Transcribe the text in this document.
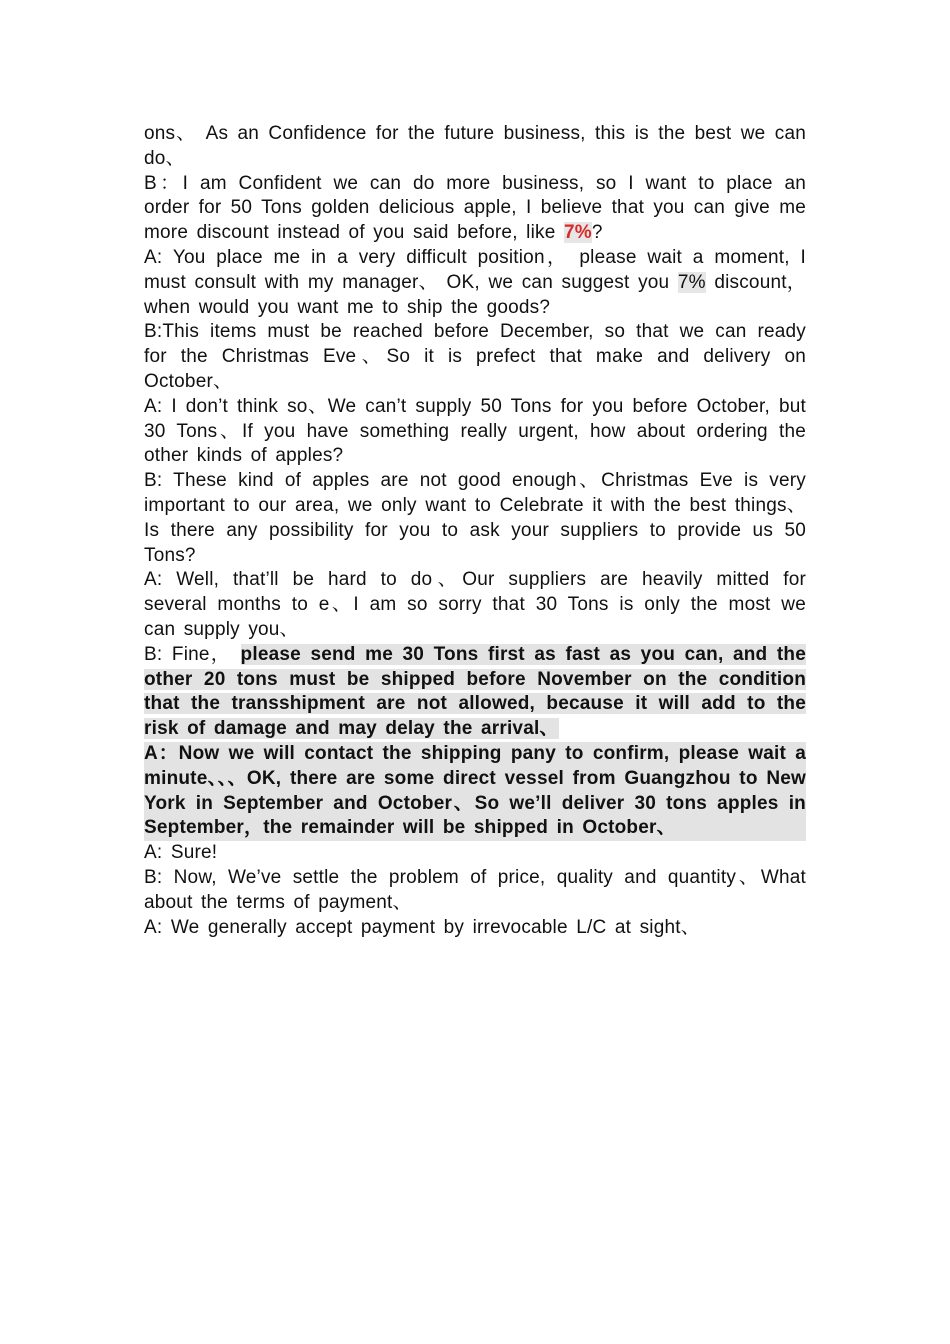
ons、 As an Confidence for the future business, this is the best we can do、

B：I am Confident we can do more business, so I want to place an order for 50 Tons golden delicious apple, I believe that you can give me more discount instead of you said before, like 7%?

A: You place me in a very difficult position， please wait a moment, I must consult with my manager、 OK, we can suggest you 7% discount， when would you want me to ship the goods?

B:This items must be reached before December, so that we can ready for the Christmas Eve、So it is prefect that make and delivery on October、

A: I don’t think so、We can’t supply 50 Tons for you before October, but 30 Tons、If you have something really urgent, how about ordering the other kinds of apples?

B: These kind of apples are not good enough、Christmas Eve is very important to our area, we only want to Celebrate it with the best things、Is there any possibility for you to ask your suppliers to provide us 50 Tons?

A: Well, that’ll be hard to do、Our suppliers are heavily mitted for several months to e、I am so sorry that 30 Tons is only the most we can supply you、

B: Fine， please send me 30 Tons first as fast as you can, and the other 20 tons must be shipped before November on the condition that the transshipment are not allowed, because it will add to the risk of damage and may delay the arrival、

A：Now we will contact the shipping pany to confirm, please wait a minute、、、OK, there are some direct vessel from Guangzhou to New York in September and October、So we’ll deliver 30 tons apples in September，the remainder will be shipped in October、

A: Sure!

B: Now, We’ve settle the problem of price, quality and quantity、What about the terms of payment、

A: We generally accept payment by irrevocable L/C at sight、
